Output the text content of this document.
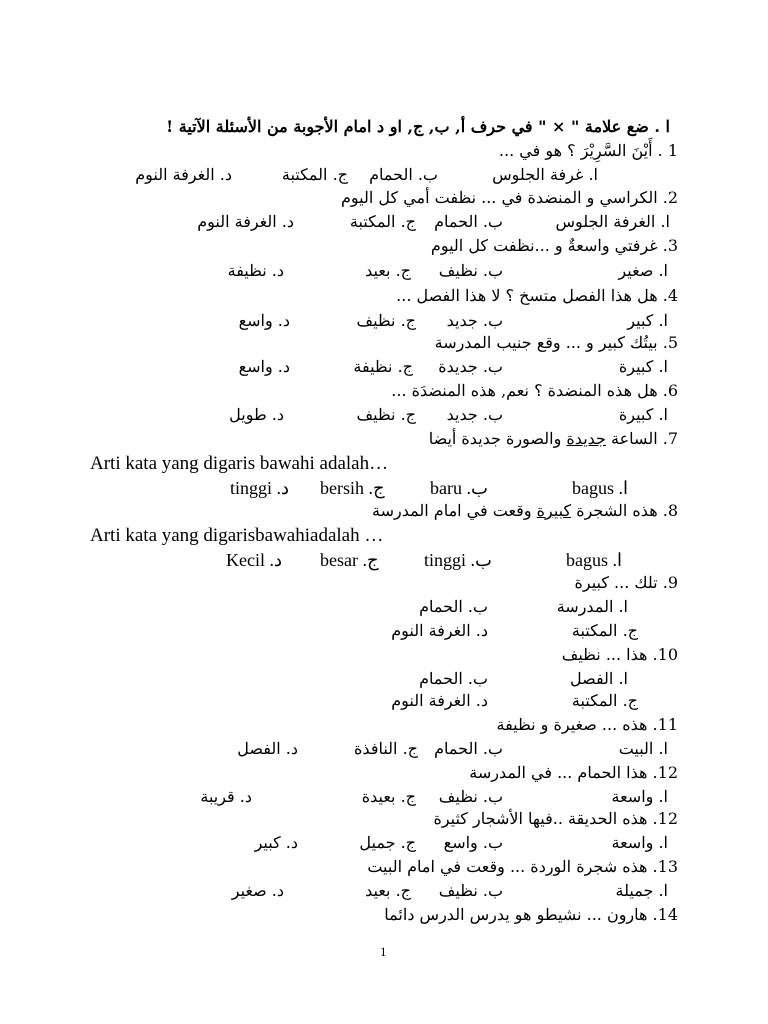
ا . ضع علامة " × " في حرف أ, ب, ج, او د امام الأجوبة من الأسئلة الآتية !
1 . أَيْنَ السَّرِيْرَ ؟ هو في ...
ا. غرفة الجلوس
ب. الحمام
ج. المكتبة
د. الغرفة النوم
2. الكراسي و المنضدة في ... نظفت أمي كل اليوم
ا. الغرفة الجلوس
ب. الحمام
ج. المكتبة
د. الغرفة النوم
3. غرفتي واسعةٌ و ...نظفت كل اليوم
ا. صغير
ب. نظيف
ج. بعيد
د. نظيفة
4. هل هذا الفصل متسخ ؟ لا هذا الفصل ...
ا. كبير
ب. جديد
ج. نظيف
د. واسع
5. بيتُك كبير و ... وقع جنيب المدرسة
ا. كبيرة
ب. جديدة
ج. نظيفة
د. واسع
6. هل هذه المنضدة ؟ نعم, هذه المنضدَة ...
ا. كبيرة
ب. جديد
ج. نظيف
د. طويل
7. الساعة جديدة والصورة جديدة أيضا
Arti kata yang digaris bawahi adalah…
bagus .ا
baru .ب
bersih .ج
tinggi .د
8. هذه الشجرة كبيرة وقعت في امام المدرسة
Arti kata yang digarisbawahiadalah …
bagus .ا
tinggi .ب
besar .ج
Kecil .د
9. تلك ... كبيرة
ا. المدرسة
ب. الحمام
ج. المكتبة
د. الغرفة النوم
10. هذا ... نظيف
ا. الفصل
ب. الحمام
ج. المكتبة
د. الغرفة النوم
11. هذه ... صغيرة و نظيفة
ا. البيت
ب. الحمام
ج. النافذة
د. الفصل
12. هذا الحمام ... في المدرسة
ا. واسعة
ب. نظيف
ج. بعيدة
د. قريبة
12. هذه الحديقة ..فيها الأشجار كثيرة
ا. واسعة
ب. واسع
ج. جميل
د. كبير
13. هذه شجرة الوردة ... وقعت في امام البيت
ا. جميلة
ب. نظيف
ج. بعيد
د. صغير
14. هارون ... نشيطو هو يدرس الدرس دائما
1
